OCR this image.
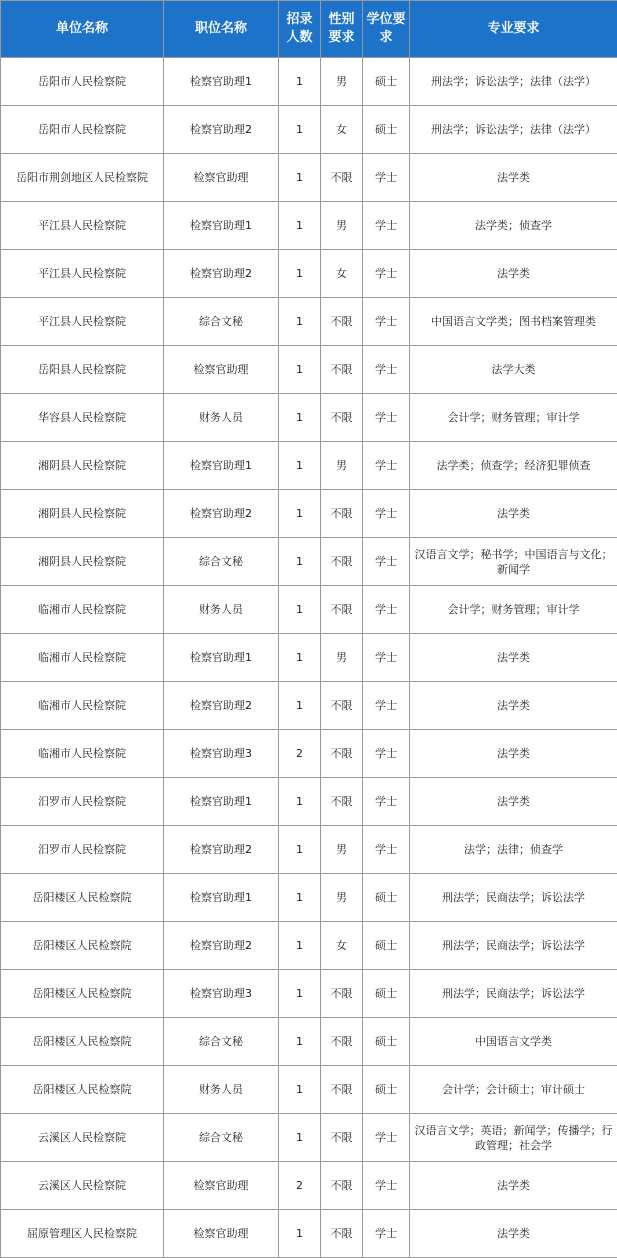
单位名称	职位名称	招录人数	性别要求	学位要求	专业要求
岳阳市人民检察院	检察官助理1	1	男	硕士	刑法学；诉讼法学；法律（法学）
岳阳市人民检察院	检察官助理2	1	女	硕士	刑法学；诉讼法学；法律（法学）
岳阳市荆剑地区人民检察院	检察官助理	1	不限	学士	法学类
平江县人民检察院	检察官助理1	1	男	学士	法学类；侦查学
平江县人民检察院	检察官助理2	1	女	学士	法学类
平江县人民检察院	综合文秘	1	不限	学士	中国语言文学类；图书档案管理类
岳阳县人民检察院	检察官助理	1	不限	学士	法学大类
华容县人民检察院	财务人员	1	不限	学士	会计学；财务管理；审计学
湘阴县人民检察院	检察官助理1	1	男	学士	法学类；侦查学；经济犯罪侦查
湘阴县人民检察院	检察官助理2	1	不限	学士	法学类
湘阴县人民检察院	综合文秘	1	不限	学士	汉语言文学；秘书学；中国语言与文化；新闻学
临湘市人民检察院	财务人员	1	不限	学士	会计学；财务管理；审计学
临湘市人民检察院	检察官助理1	1	男	学士	法学类
临湘市人民检察院	检察官助理2	1	不限	学士	法学类
临湘市人民检察院	检察官助理3	2	不限	学士	法学类
汨罗市人民检察院	检察官助理1	1	不限	学士	法学类
汨罗市人民检察院	检察官助理2	1	男	学士	法学；法律；侦查学
岳阳楼区人民检察院	检察官助理1	1	男	硕士	刑法学；民商法学；诉讼法学
岳阳楼区人民检察院	检察官助理2	1	女	硕士	刑法学；民商法学；诉讼法学
岳阳楼区人民检察院	检察官助理3	1	不限	硕士	刑法学；民商法学；诉讼法学
岳阳楼区人民检察院	综合文秘	1	不限	硕士	中国语言文学类
岳阳楼区人民检察院	财务人员	1	不限	硕士	会计学；会计硕士；审计硕士
云溪区人民检察院	综合文秘	1	不限	学士	汉语言文学；英语；新闻学；传播学；行政管理；社会学
云溪区人民检察院	检察官助理	2	不限	学士	法学类
屈原管理区人民检察院	检察官助理	1	不限	学士	法学类
